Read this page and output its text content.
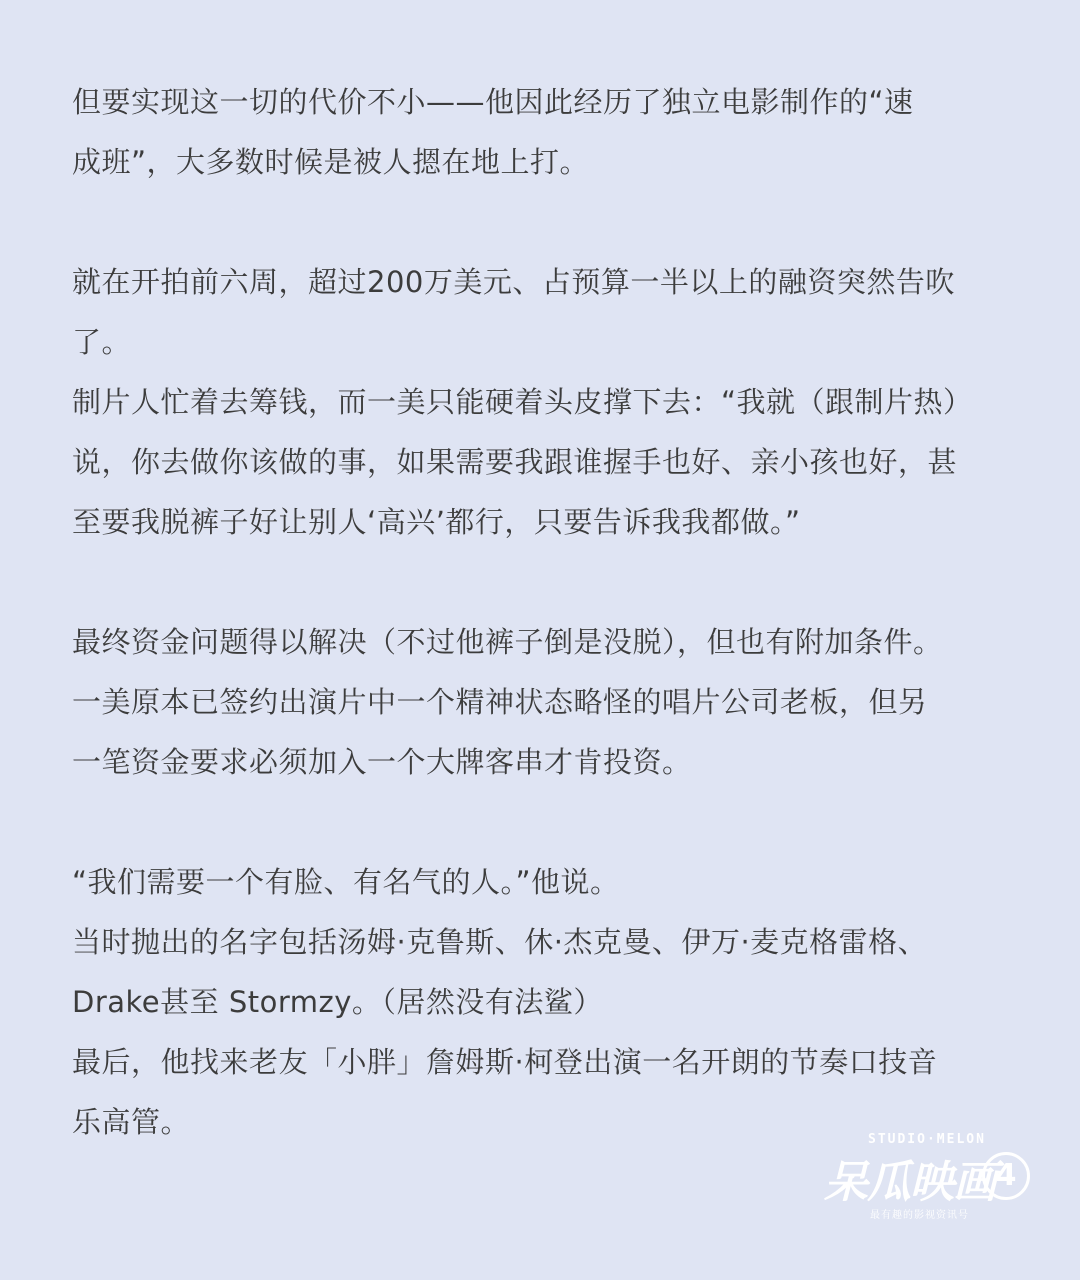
但要实现这一切的代价不小——他因此经历了独立电影制作的“速
成班”，大多数时候是被人摁在地上打。
就在开拍前六周，超过200万美元、占预算一半以上的融资突然告吹
了。
制片人忙着去筹钱，而一美只能硬着头皮撑下去：“我就（跟制片热）
说，你去做你该做的事，如果需要我跟谁握手也好、亲小孩也好，甚
至要我脱裤子好让别人‘高兴’都行，只要告诉我我都做。”
最终资金问题得以解决（不过他裤子倒是没脱），但也有附加条件。
一美原本已签约出演片中一个精神状态略怪的唱片公司老板，但另
一笔资金要求必须加入一个大牌客串才肯投资。
“我们需要一个有脸、有名气的人。”他说。
当时抛出的名字包括汤姆·克鲁斯、休·杰克曼、伊万·麦克格雷格、
Drake甚至 Stormzy。（居然没有法鲨）
最后，他找来老友「小胖」詹姆斯·柯登出演一名开朗的节奏口技音
乐高管。
STUDIO·MELON
呆瓜映画 4
最有趣的影视资讯号
